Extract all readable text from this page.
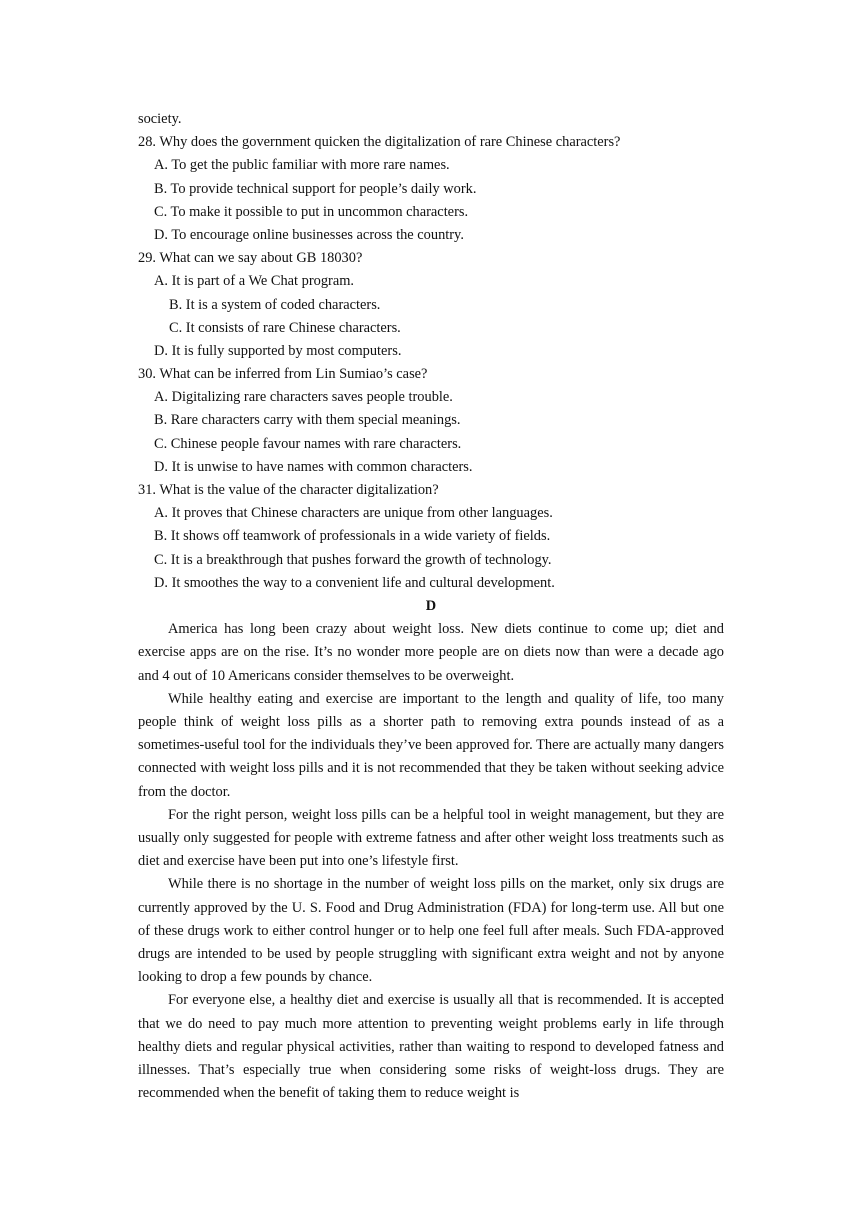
society.
28. Why does the government quicken the digitalization of rare Chinese characters?
A. To get the public familiar with more rare names.
B. To provide technical support for people’s daily work.
C. To make it possible to put in uncommon characters.
D. To encourage online businesses across the country.
29. What can we say about GB 18030?
A. It is part of a We Chat program.
B. It is a system of coded characters.
C. It consists of rare Chinese characters.
D. It is fully supported by most computers.
30. What can be inferred from Lin Sumiao’s case?
A. Digitalizing rare characters saves people trouble.
B. Rare characters carry with them special meanings.
C. Chinese people favour names with rare characters.
D. It is unwise to have names with common characters.
31. What is the value of the character digitalization?
A. It proves that Chinese characters are unique from other languages.
B. It shows off teamwork of professionals in a wide variety of fields.
C. It is a breakthrough that pushes forward the growth of technology.
D. It smoothes the way to a convenient life and cultural development.
D

America has long been crazy about weight loss. New diets continue to come up; diet and exercise apps are on the rise. It’s no wonder more people are on diets now than were a decade ago and 4 out of 10 Americans consider themselves to be overweight.

While healthy eating and exercise are important to the length and quality of life, too many people think of weight loss pills as a shorter path to removing extra pounds instead of as a sometimes-useful tool for the individuals they’ve been approved for. There are actually many dangers connected with weight loss pills and it is not recommended that they be taken without seeking advice from the doctor.

For the right person, weight loss pills can be a helpful tool in weight management, but they are usually only suggested for people with extreme fatness and after other weight loss treatments such as diet and exercise have been put into one’s lifestyle first.

While there is no shortage in the number of weight loss pills on the market, only six drugs are currently approved by the U. S. Food and Drug Administration (FDA) for long-term use. All but one of these drugs work to either control hunger or to help one feel full after meals. Such FDA-approved drugs are intended to be used by people struggling with significant extra weight and not by anyone looking to drop a few pounds by chance.

For everyone else, a healthy diet and exercise is usually all that is recommended. It is accepted that we do need to pay much more attention to preventing weight problems early in life through healthy diets and regular physical activities, rather than waiting to respond to developed fatness and illnesses. That’s especially true when considering some risks of weight-loss drugs. They are recommended when the benefit of taking them to reduce weight is
